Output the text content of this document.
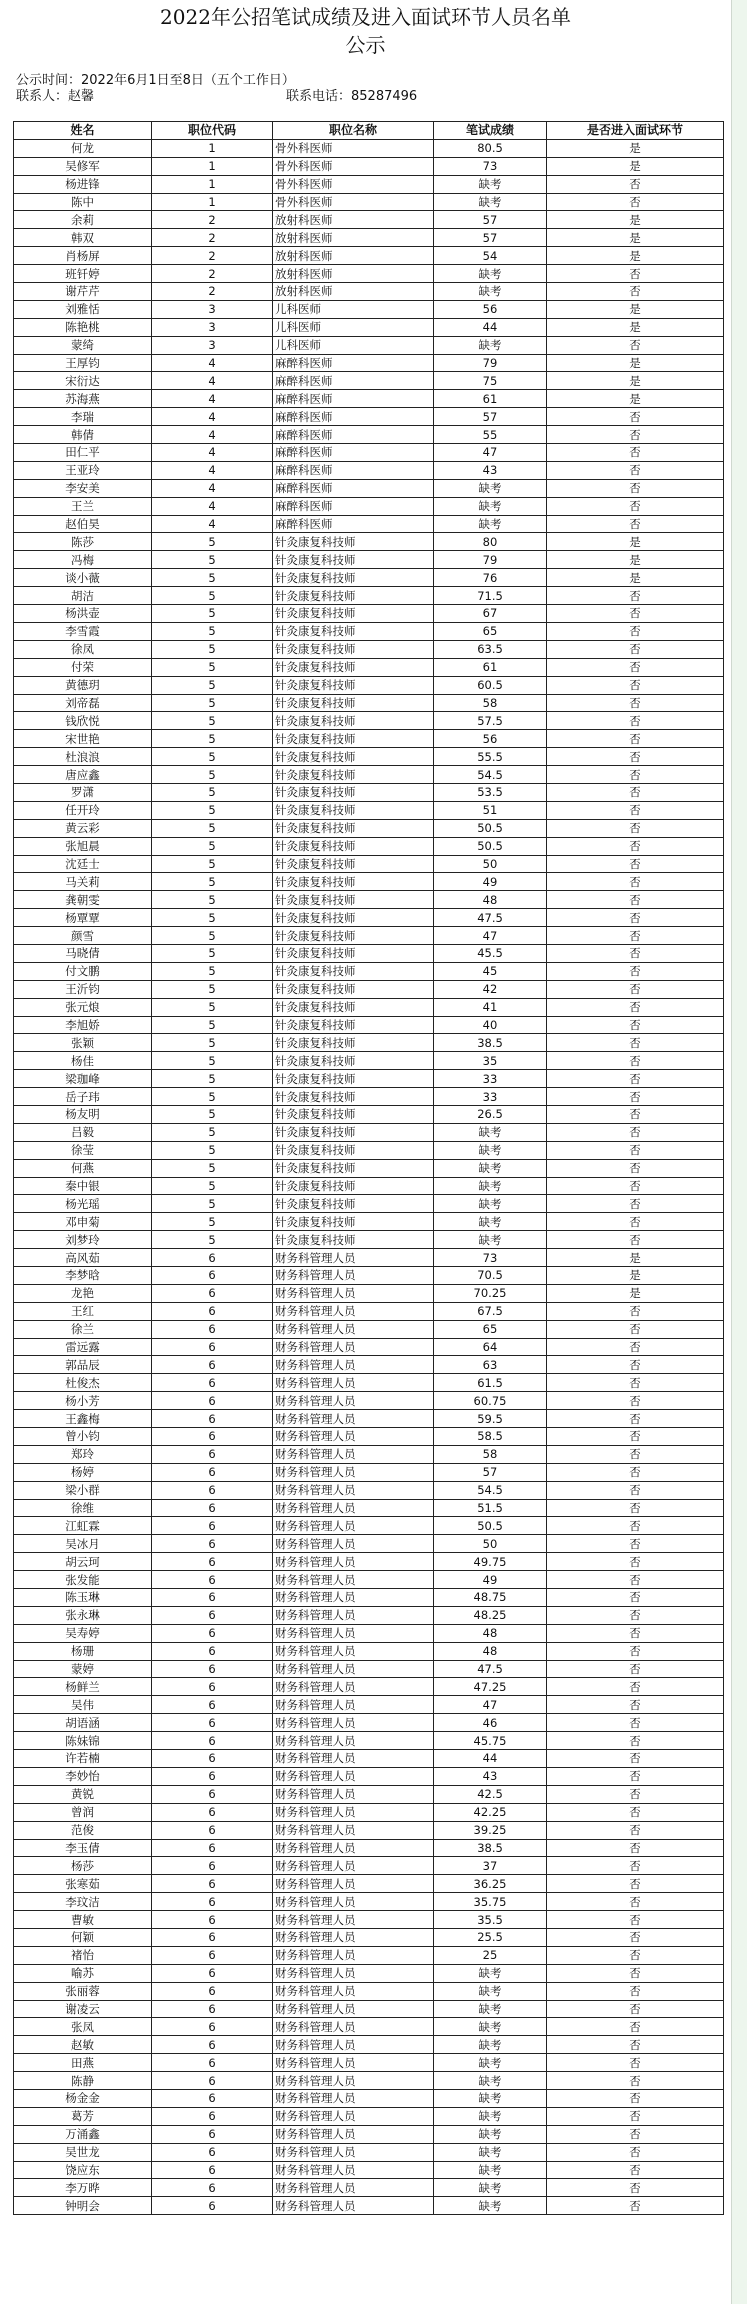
2022年公招笔试成绩及进入面试环节人员名单
公示
公示时间：2022年6月1日至8日（五个工作日）
联系人：赵馨	联系电话：85287496
姓名	职位代码	职位名称	笔试成绩	是否进入面试环节
何龙	1	骨外科医师	80.5	是
吴修军	1	骨外科医师	73	是
杨进锋	1	骨外科医师	缺考	否
陈中	1	骨外科医师	缺考	否
余莉	2	放射科医师	57	是
韩双	2	放射科医师	57	是
肖杨屏	2	放射科医师	54	是
班钎婷	2	放射科医师	缺考	否
谢芹芹	2	放射科医师	缺考	否
刘雅恬	3	儿科医师	56	是
陈艳桃	3	儿科医师	44	是
蒙绮	3	儿科医师	缺考	否
王厚钧	4	麻醉科医师	79	是
宋衍达	4	麻醉科医师	75	是
苏海燕	4	麻醉科医师	61	是
李瑞	4	麻醉科医师	57	否
韩倩	4	麻醉科医师	55	否
田仁平	4	麻醉科医师	47	否
王亚玲	4	麻醉科医师	43	否
李安美	4	麻醉科医师	缺考	否
王兰	4	麻醉科医师	缺考	否
赵伯昊	4	麻醉科医师	缺考	否
陈莎	5	针灸康复科技师	80	是
冯梅	5	针灸康复科技师	79	是
谈小薇	5	针灸康复科技师	76	是
胡洁	5	针灸康复科技师	71.5	否
杨洪壶	5	针灸康复科技师	67	否
李雪霞	5	针灸康复科技师	65	否
徐凤	5	针灸康复科技师	63.5	否
付荣	5	针灸康复科技师	61	否
黄德玥	5	针灸康复科技师	60.5	否
刘帝磊	5	针灸康复科技师	58	否
钱欣悦	5	针灸康复科技师	57.5	否
宋世艳	5	针灸康复科技师	56	否
杜浪浪	5	针灸康复科技师	55.5	否
唐应鑫	5	针灸康复科技师	54.5	否
罗潇	5	针灸康复科技师	53.5	否
任开玲	5	针灸康复科技师	51	否
黄云彩	5	针灸康复科技师	50.5	否
张旭晨	5	针灸康复科技师	50.5	否
沈廷士	5	针灸康复科技师	50	否
马关莉	5	针灸康复科技师	49	否
龚朝雯	5	针灸康复科技师	48	否
杨覃覃	5	针灸康复科技师	47.5	否
颜雪	5	针灸康复科技师	47	否
马晓倩	5	针灸康复科技师	45.5	否
付文鹏	5	针灸康复科技师	45	否
王沂钧	5	针灸康复科技师	42	否
张元烺	5	针灸康复科技师	41	否
李旭娇	5	针灸康复科技师	40	否
张颖	5	针灸康复科技师	38.5	否
杨佳	5	针灸康复科技师	35	否
梁珈峰	5	针灸康复科技师	33	否
岳子玮	5	针灸康复科技师	33	否
杨友明	5	针灸康复科技师	26.5	否
吕毅	5	针灸康复科技师	缺考	否
徐莹	5	针灸康复科技师	缺考	否
何燕	5	针灸康复科技师	缺考	否
秦中银	5	针灸康复科技师	缺考	否
杨光瑶	5	针灸康复科技师	缺考	否
邓申菊	5	针灸康复科技师	缺考	否
刘梦玲	5	针灸康复科技师	缺考	否
高风茹	6	财务科管理人员	73	是
李梦晗	6	财务科管理人员	70.5	是
龙艳	6	财务科管理人员	70.25	是
王红	6	财务科管理人员	67.5	否
徐兰	6	财务科管理人员	65	否
雷远露	6	财务科管理人员	64	否
郭品辰	6	财务科管理人员	63	否
杜俊杰	6	财务科管理人员	61.5	否
杨小芳	6	财务科管理人员	60.75	否
王鑫梅	6	财务科管理人员	59.5	否
曾小钧	6	财务科管理人员	58.5	否
郑玲	6	财务科管理人员	58	否
杨婷	6	财务科管理人员	57	否
梁小群	6	财务科管理人员	54.5	否
徐维	6	财务科管理人员	51.5	否
江虹霖	6	财务科管理人员	50.5	否
吴冰月	6	财务科管理人员	50	否
胡云珂	6	财务科管理人员	49.75	否
张发能	6	财务科管理人员	49	否
陈玉琳	6	财务科管理人员	48.75	否
张永琳	6	财务科管理人员	48.25	否
吴寿婷	6	财务科管理人员	48	否
杨珊	6	财务科管理人员	48	否
蒙婷	6	财务科管理人员	47.5	否
杨鲜兰	6	财务科管理人员	47.25	否
吴伟	6	财务科管理人员	47	否
胡语涵	6	财务科管理人员	46	否
陈妹锦	6	财务科管理人员	45.75	否
许若楠	6	财务科管理人员	44	否
李妙怡	6	财务科管理人员	43	否
黄锐	6	财务科管理人员	42.5	否
曾润	6	财务科管理人员	42.25	否
范俊	6	财务科管理人员	39.25	否
李玉倩	6	财务科管理人员	38.5	否
杨莎	6	财务科管理人员	37	否
张寒茹	6	财务科管理人员	36.25	否
李玟洁	6	财务科管理人员	35.75	否
曹敏	6	财务科管理人员	35.5	否
何颖	6	财务科管理人员	25.5	否
褚怡	6	财务科管理人员	25	否
喻苏	6	财务科管理人员	缺考	否
张丽蓉	6	财务科管理人员	缺考	否
谢凌云	6	财务科管理人员	缺考	否
张凤	6	财务科管理人员	缺考	否
赵敏	6	财务科管理人员	缺考	否
田燕	6	财务科管理人员	缺考	否
陈静	6	财务科管理人员	缺考	否
杨金金	6	财务科管理人员	缺考	否
葛芳	6	财务科管理人员	缺考	否
万涌鑫	6	财务科管理人员	缺考	否
吴世龙	6	财务科管理人员	缺考	否
饶应东	6	财务科管理人员	缺考	否
李万晔	6	财务科管理人员	缺考	否
钟明会	6	财务科管理人员	缺考	否
